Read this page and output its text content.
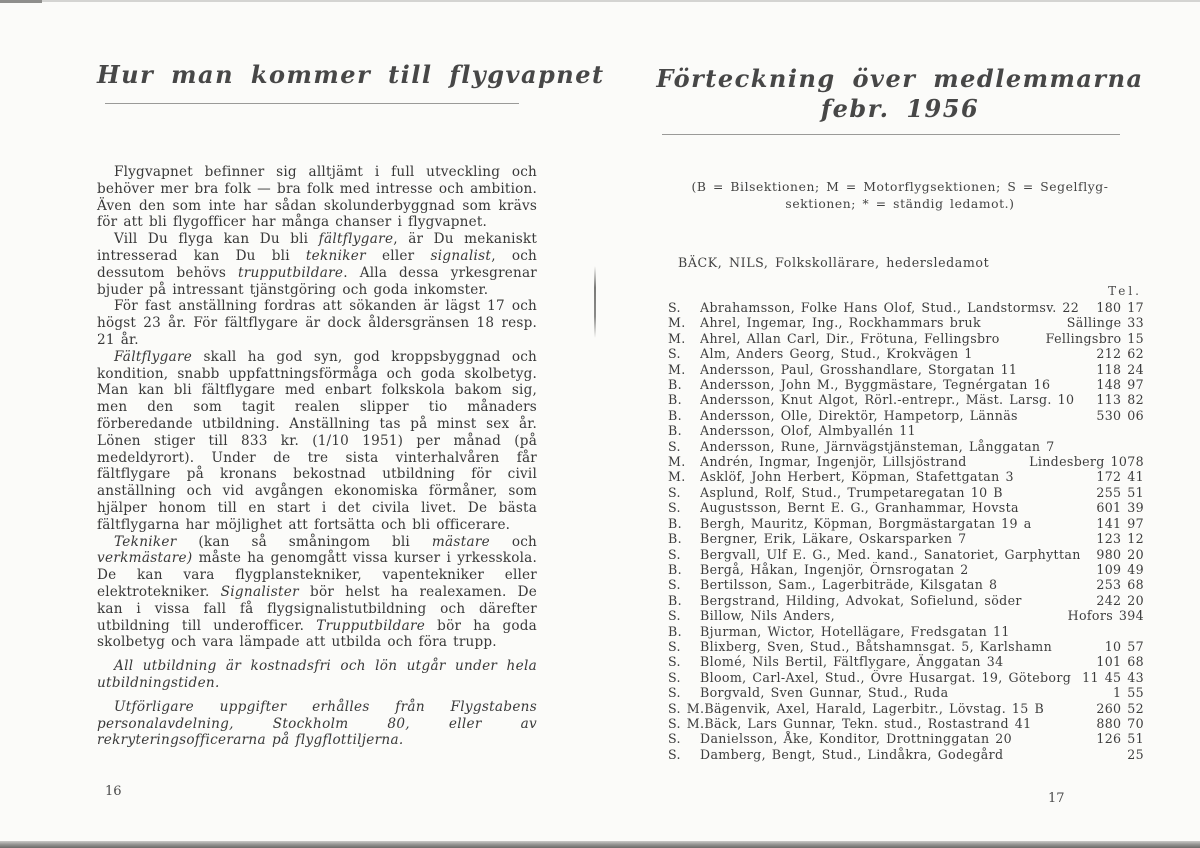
Hur man kommer till flygvapnet

Flygvapnet befinner sig alltjämt i full utveckling och behöver mer bra folk — bra folk med intresse och ambition. Även den som inte har sådan skolunderbyggnad som krävs för att bli flygofficer har många chanser i flygvapnet.

Vill Du flyga kan Du bli fältflygare, är Du mekaniskt intresserad kan Du bli tekniker eller signalist, och dessutom behövs trupputbildare. Alla dessa yrkesgrenar bjuder på intressant tjänstgöring och goda inkomster.

För fast anställning fordras att sökanden är lägst 17 och högst 23 år. För fältflygare är dock åldersgränsen 18 resp. 21 år.

Fältflygare skall ha god syn, god kroppsbyggnad och kondition, snabb uppfattningsförmåga och goda skolbetyg. Man kan bli fältflygare med enbart folkskola bakom sig, men den som tagit realen slipper tio månaders förberedande utbildning. Anställning tas på minst sex år. Lönen stiger till 833 kr. (1/10 1951) per månad (på medeldyrort). Under de tre sista vinterhalvåren får fältflygare på kronans bekostnad utbildning för civil anställning och vid avgången ekonomiska förmåner, som hjälper honom till en start i det civila livet. De bästa fältflygarna har möjlighet att fortsätta och bli officerare.

Tekniker (kan så småningom bli mästare och verkmästare) måste ha genomgått vissa kurser i yrkesskola. De kan vara flygplanstekniker, vapentekniker eller elektrotekniker. Signalister bör helst ha realexamen. De kan i vissa fall få flygsignalistutbildning och därefter utbildning till underofficer. Trupputbildare bör ha goda skolbetyg och vara lämpade att utbilda och föra trupp.

All utbildning är kostnadsfri och lön utgår under hela utbildningstiden.

Utförligare uppgifter erhålles från Flygstabens personalavdelning, Stockholm 80, eller av rekryteringsofficerarna på flygflottiljerna.

16
Förteckning över medlemmarna
febr. 1956
(B = Bilsektionen; M = Motorflygsektionen; S = Segelflyg-
sektionen; * = ständig ledamot.)
BÄCK, NILS, Folkskollärare, hedersledamot
Tel.
S.	Abrahamsson, Folke Hans Olof, Stud., Landstormsv. 22	180 17
M.	Ahrel, Ingemar, Ing., Rockhammars bruk	Sällinge 33
M.	Ahrel, Allan Carl, Dir., Frötuna, Fellingsbro	Fellingsbro 15
S.	Alm, Anders Georg, Stud., Krokvägen 1	212 62
M.	Andersson, Paul, Grosshandlare, Storgatan 11	118 24
B.	Andersson, John M., Byggmästare, Tegnérgatan 16	148 97
B.	Andersson, Knut Algot, Rörl.-entrepr., Mäst. Larsg. 10	113 82
B.	Andersson, Olle, Direktör, Hampetorp, Lännäs	530 06
B.	Andersson, Olof, Almbyallén 11
S.	Andersson, Rune, Järnvägstjänsteman, Långgatan 7
M.	Andrén, Ingmar, Ingenjör, Lillsjöstrand	Lindesberg 1078
M.	Asklöf, John Herbert, Köpman, Stafettgatan 3	172 41
S.	Asplund, Rolf, Stud., Trumpetaregatan 10 B	255 51
S.	Augustsson, Bernt E. G., Granhammar, Hovsta	601 39
B.	Bergh, Mauritz, Köpman, Borgmästargatan 19 a	141 97
B.	Bergner, Erik, Läkare, Oskarsparken 7	123 12
S.	Bergvall, Ulf E. G., Med. kand., Sanatoriet, Garphyttan	980 20
B.	Bergå, Håkan, Ingenjör, Örnsrogatan 2	109 49
S.	Bertilsson, Sam., Lagerbiträde, Kilsgatan 8	253 68
B.	Bergstrand, Hilding, Advokat, Sofielund, söder	242 20
S.	Billow, Nils Anders,	Hofors 394
B.	Bjurman, Wictor, Hotellägare, Fredsgatan 11
S.	Blixberg, Sven, Stud., Båtshamnsgat. 5, Karlshamn	10 57
S.	Blomé, Nils Bertil, Fältflygare, Änggatan 34	101 68
S.	Bloom, Carl-Axel, Stud., Övre Husargat. 19, Göteborg 11 45 43
S.	Borgvald, Sven Gunnar, Stud., Ruda	1 55
S. M. Bägenvik, Axel, Harald, Lagerbitr., Lövstag. 15 B	260 52
S. M. Bäck, Lars Gunnar, Tekn. stud., Rostastrand 41	880 70
S.	Danielsson, Åke, Konditor, Drottninggatan 20	126 51
S.	Damberg, Bengt, Stud., Lindåkra, Godegård	25
17
